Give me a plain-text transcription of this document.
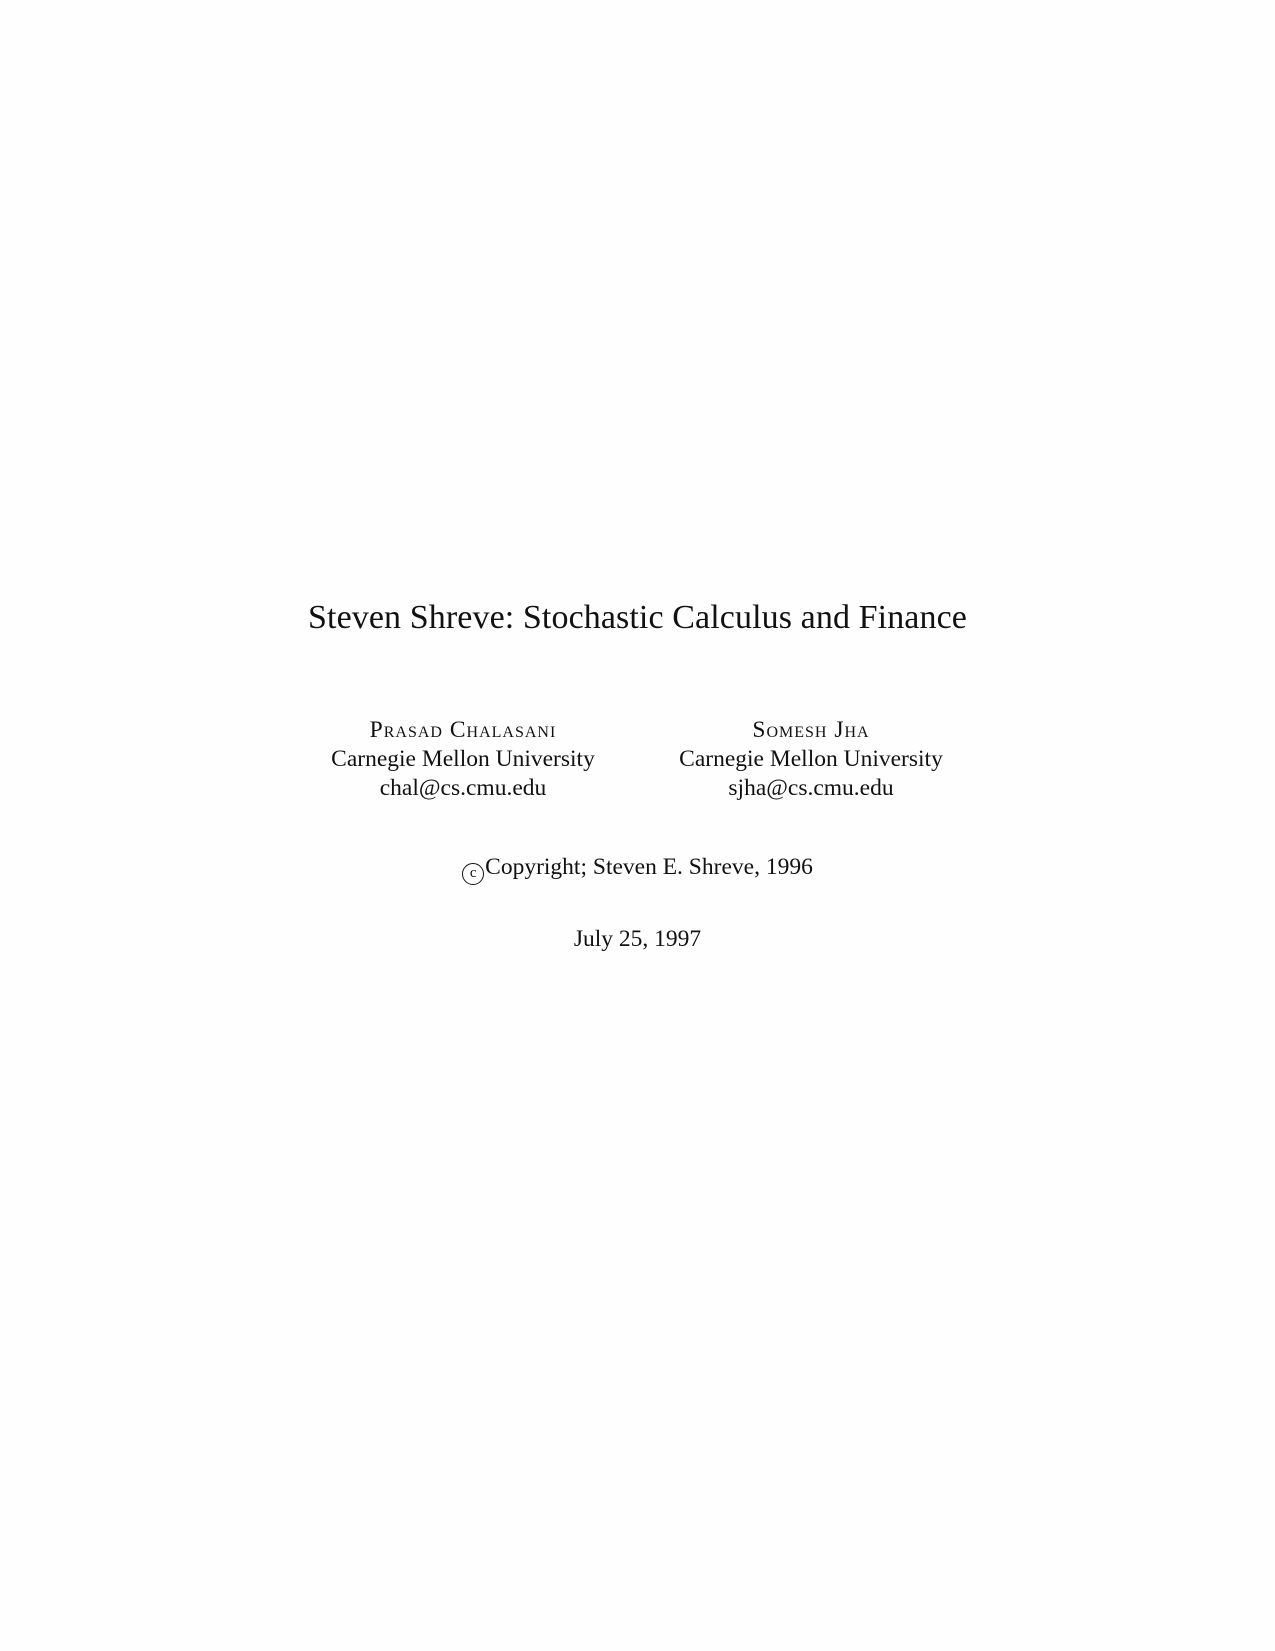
Steven Shreve: Stochastic Calculus and Finance
Prasad Chalasani
Carnegie Mellon University
chal@cs.cmu.edu
Somesh Jha
Carnegie Mellon University
sjha@cs.cmu.edu
c Copyright; Steven E. Shreve, 1996
July 25, 1997
